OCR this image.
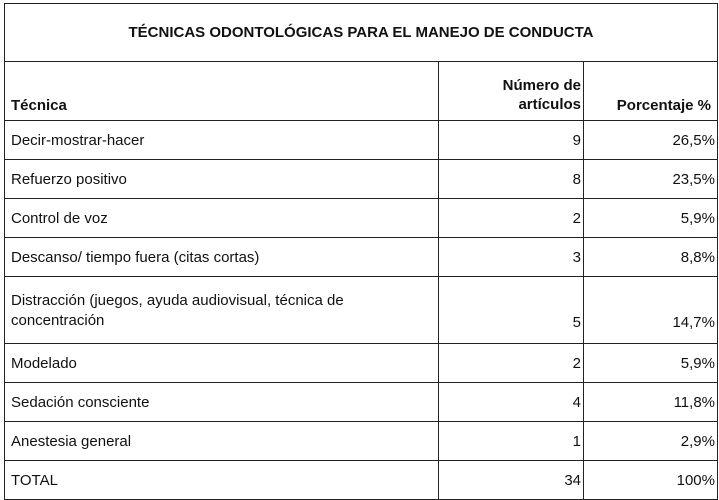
TÉCNICAS ODONTOLÓGICAS PARA EL MANEJO DE CONDUCTA		
Técnica	Número de artículos	Porcentaje %
Decir-mostrar-hacer	9	26,5%
Refuerzo positivo	8	23,5%
Control de voz	2	5,9%
Descanso/ tiempo fuera (citas cortas)	3	8,8%
Distracción (juegos, ayuda audiovisual, técnica de concentración	5	14,7%
Modelado	2	5,9%
Sedación consciente	4	11,8%
Anestesia general	1	2,9%
TOTAL	34	100%
